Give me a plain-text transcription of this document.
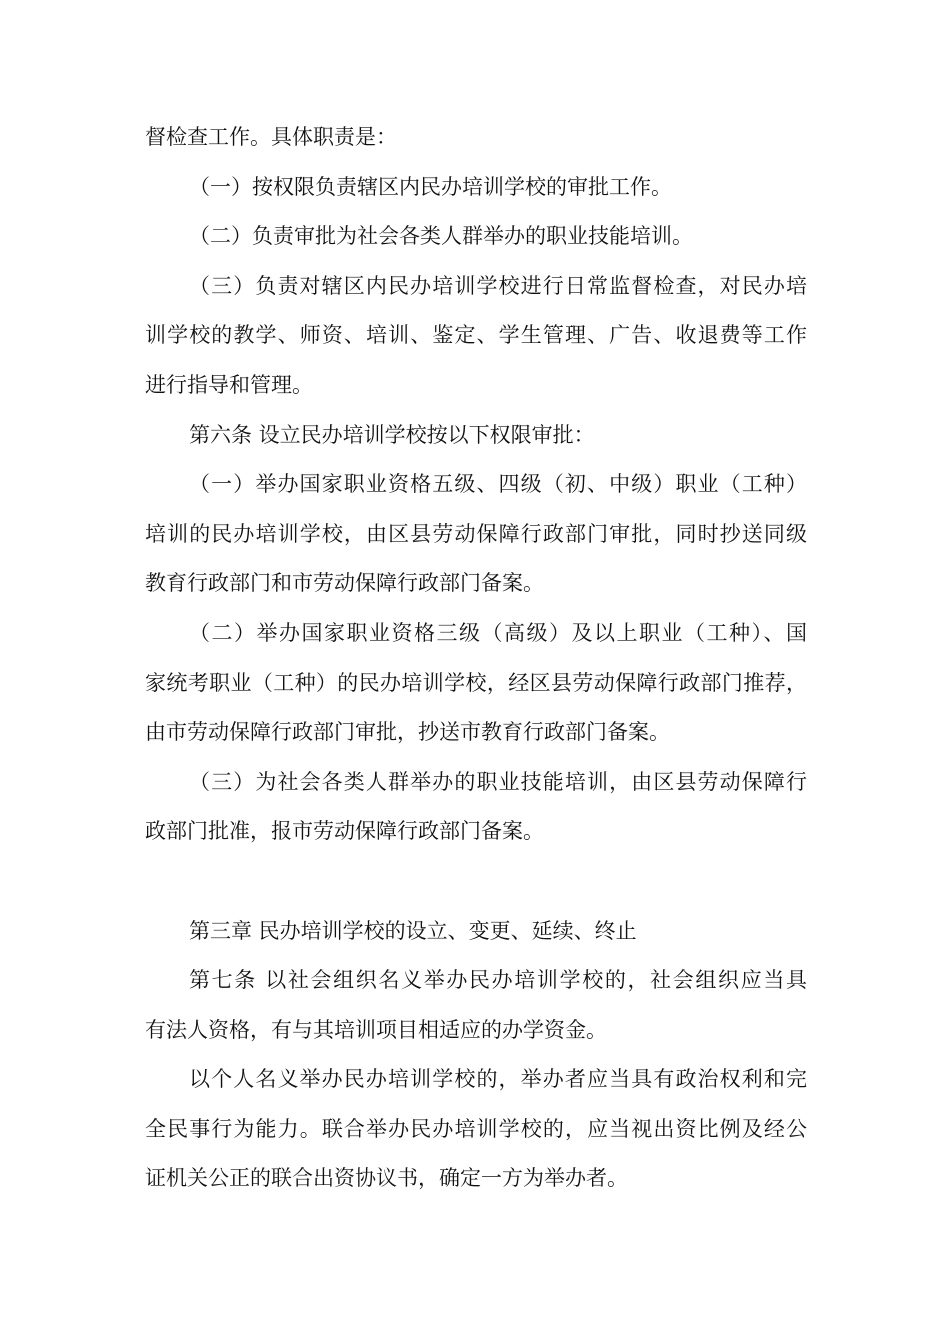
督检查工作。具体职责是：
（一）按权限负责辖区内民办培训学校的审批工作。
（二）负责审批为社会各类人群举办的职业技能培训。
（三）负责对辖区内民办培训学校进行日常监督检查，对民办培
训学校的教学、师资、培训、鉴定、学生管理、广告、收退费等工作
进行指导和管理。
第六条 设立民办培训学校按以下权限审批：
（一）举办国家职业资格五级、四级（初、中级）职业（工种）
培训的民办培训学校，由区县劳动保障行政部门审批，同时抄送同级
教育行政部门和市劳动保障行政部门备案。
（二）举办国家职业资格三级（高级）及以上职业（工种）、国
家统考职业（工种）的民办培训学校，经区县劳动保障行政部门推荐，
由市劳动保障行政部门审批，抄送市教育行政部门备案。
（三）为社会各类人群举办的职业技能培训，由区县劳动保障行
政部门批准，报市劳动保障行政部门备案。
第三章 民办培训学校的设立、变更、延续、终止
第七条 以社会组织名义举办民办培训学校的，社会组织应当具
有法人资格，有与其培训项目相适应的办学资金。
以个人名义举办民办培训学校的，举办者应当具有政治权利和完
全民事行为能力。联合举办民办培训学校的，应当视出资比例及经公
证机关公正的联合出资协议书，确定一方为举办者。
